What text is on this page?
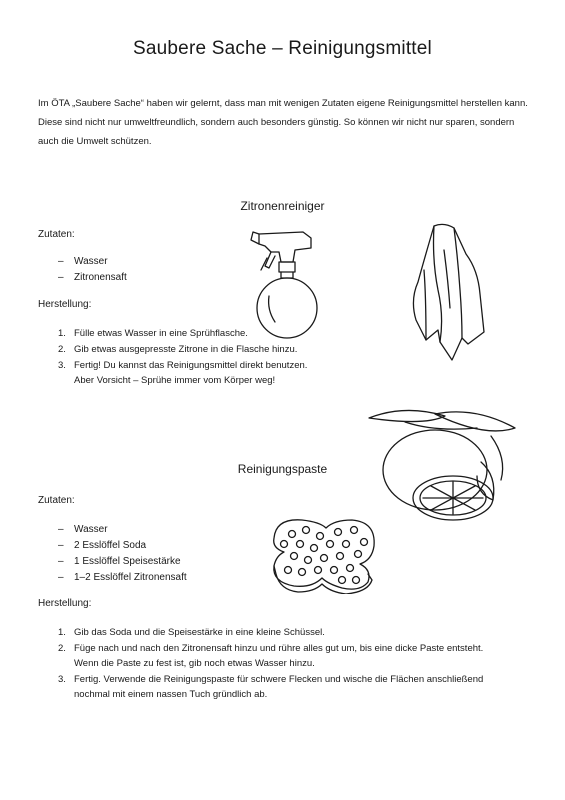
Saubere Sache – Reinigungsmittel
Im ÖTA „Saubere Sache“ haben wir gelernt, dass man mit wenigen Zutaten eigene Reinigungsmittel herstellen kann. Diese sind nicht nur umweltfreundlich, sondern auch besonders günstig. So können wir nicht nur sparen, sondern auch die Umwelt schützen.
Zitronenreiniger
Zutaten:
– Wasser
– Zitronensaft
Herstellung:
1. Fülle etwas Wasser in eine Sprühflasche.
2. Gib etwas ausgepresste Zitrone in die Flasche hinzu.
3. Fertig! Du kannst das Reinigungsmittel direkt benutzen.
Aber Vorsicht – Sprühe immer vom Körper weg!
Reinigungspaste
Zutaten:
– Wasser
– 2 Esslöffel Soda
– 1 Esslöffel Speisestärke
– 1–2 Esslöffel Zitronensaft
Herstellung:
1. Gib das Soda und die Speisestärke in eine kleine Schüssel.
2. Füge nach und nach den Zitronensaft hinzu und rühre alles gut um, bis eine dicke Paste entsteht.
Wenn die Paste zu fest ist, gib noch etwas Wasser hinzu.
3. Fertig. Verwende die Reinigungspaste für schwere Flecken und wische die Flächen anschließend
nochmal mit einem nassen Tuch gründlich ab.
